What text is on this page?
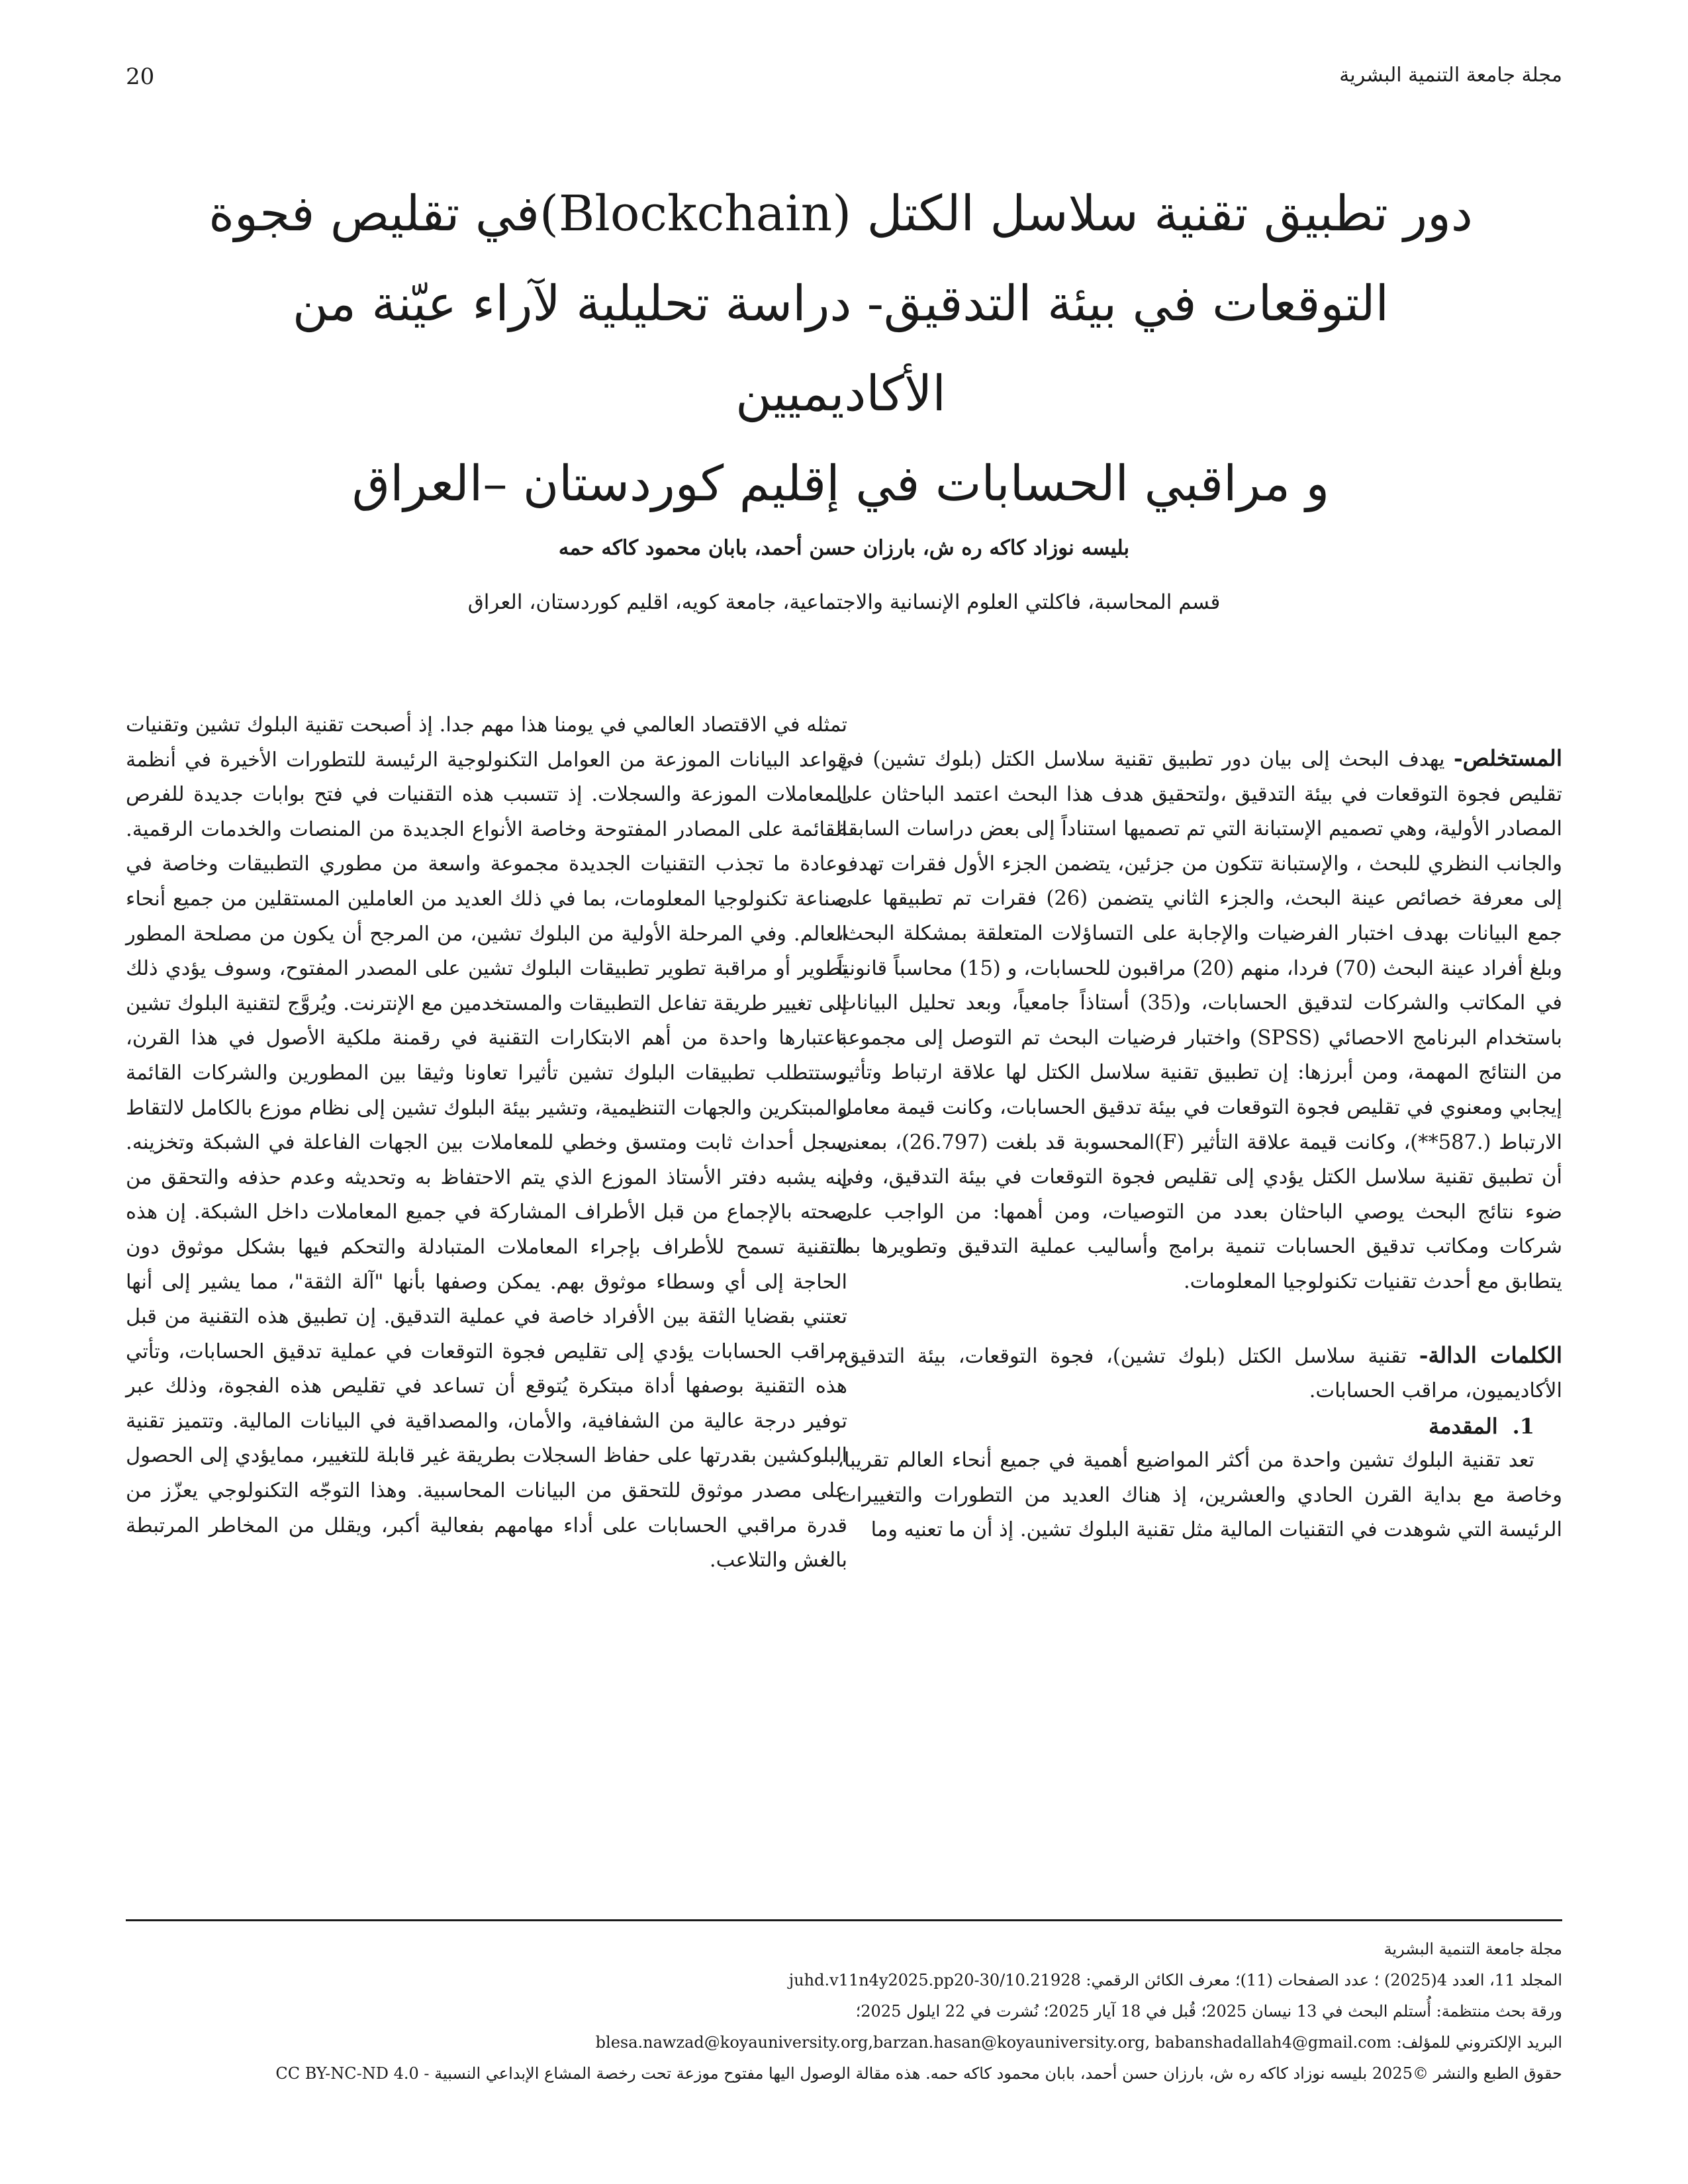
مجلة جامعة التنمية البشرية
20
دور تطبيق تقنية سلاسل الكتل (Blockchain)في تقليص فجوة
التوقعات في بيئة التدقيق- دراسة تحليلية لآراء عيّنة من الأكاديميين
و مراقبي الحسابات في إقليم كوردستان –العراق
بليسه نوزاد كاكه ره ش، بارزان حسن أحمد، بابان محمود كاكه حمه
قسم المحاسبة، فاكلتي العلوم الإنسانية والاجتماعية، جامعة كويه، اقليم كوردستان، العراق

المستخلص- يهدف البحث إلى بيان دور تطبيق تقنية سلاسل الكتل (بلوك تشين) في تقليص فجوة التوقعات في بيئة التدقيق ،ولتحقيق هدف هذا البحث اعتمد الباحثان على المصادر الأولية، وهي تصميم الإستبانة التي تم تصميها استناداً إلى بعض دراسات السابقة والجانب النظري للبحث ، والإستبانة تتكون من جزئين، يتضمن الجزء الأول فقرات تهدف إلى معرفة خصائص عينة البحث، والجزء الثاني يتضمن (26) فقرات تم تطبيقها على جمع البيانات بهدف اختبار الفرضيات والإجابة على التساؤلات المتعلقة بمشكلة البحث، وبلغ أفراد عينة البحث (70) فردا، منهم (20) مراقبون للحسابات، و (15) محاسباً قانونياً في المكاتب والشركات لتدقيق الحسابات، و(35) أستاذاً جامعياً، وبعد تحليل البيانات باستخدام البرنامج الاحصائي (SPSS) واختبار فرضيات البحث تم التوصل إلى مجموعة من النتائج المهمة، ومن أبرزها: إن تطبيق تقنية سلاسل الكتل لها علاقة ارتباط وتأثير إيجابي ومعنوي في تقليص فجوة التوقعات في بيئة تدقيق الحسابات، وكانت قيمة معامل الارتباط (.587**)، وكانت قيمة علاقة التأثير (F)المحسوبة قد بلغت (26.797)، بمعنى أن تطبيق تقنية سلاسل الكتل يؤدي إلى تقليص فجوة التوقعات في بيئة التدقيق، وفي ضوء نتائج البحث يوصي الباحثان بعدد من التوصيات، ومن أهمها: من الواجب على شركات ومكاتب تدقيق الحسابات تنمية برامج وأساليب عملية التدقيق وتطويرها بما يتطابق مع أحدث تقنيات تكنولوجيا المعلومات.

الكلمات الدالة- تقنية سلاسل الكتل (بلوك تشين)، فجوة التوقعات، بيئة التدقيق، الأكاديميون، مراقب الحسابات.

1.المقدمة

تعد تقنية البلوك تشين واحدة من أكثر المواضيع أهمية في جميع أنحاء العالم تقريبا، وخاصة مع بداية القرن الحادي والعشرين، إذ هناك العديد من التطورات والتغييرات الرئيسة التي شوهدت في التقنيات المالية مثل تقنية البلوك تشين. إذ أن ما تعنيه وما

تمثله في الاقتصاد العالمي في يومنا هذا مهم جدا. إذ أصبحت تقنية البلوك تشين وتقنيات قواعد البيانات الموزعة من العوامل التكنولوجية الرئيسة للتطورات الأخيرة في أنظمة المعاملات الموزعة والسجلات. إذ تتسبب هذه التقنيات في فتح بوابات جديدة للفرص القائمة على المصادر المفتوحة وخاصة الأنواع الجديدة من المنصات والخدمات الرقمية. وعادة ما تجذب التقنيات الجديدة مجموعة واسعة من مطوري التطبيقات وخاصة في صناعة تكنولوجيا المعلومات، بما في ذلك العديد من العاملين المستقلين من جميع أنحاء العالم. وفي المرحلة الأولية من البلوك تشين، من المرجح أن يكون من مصلحة المطور تطوير أو مراقبة تطوير تطبيقات البلوك تشين على المصدر المفتوح، وسوف يؤدي ذلك إلى تغيير طريقة تفاعل التطبيقات والمستخدمين مع الإنترنت. ويُروَّج لتقنية البلوك تشين باعتبارها واحدة من أهم الابتكارات التقنية في رقمنة ملكية الأصول في هذا القرن، وستتطلب تطبيقات البلوك تشين تأثيرا تعاونا وثيقا بين المطورين والشركات القائمة والمبتكرين والجهات التنظيمية، وتشير بيئة البلوك تشين إلى نظام موزع بالكامل لالتقاط سجل أحداث ثابت ومتسق وخطي للمعاملات بين الجهات الفاعلة في الشبكة وتخزينه. إنه يشبه دفتر الأستاذ الموزع الذي يتم الاحتفاظ به وتحديثه وعدم حذفه والتحقق من صحته بالإجماع من قبل الأطراف المشاركة في جميع المعاملات داخل الشبكة. إن هذه التقنية تسمح للأطراف بإجراء المعاملات المتبادلة والتحكم فيها بشكل موثوق دون الحاجة إلى أي وسطاء موثوق بهم. يمكن وصفها بأنها "آلة الثقة"، مما يشير إلى أنها تعتني بقضايا الثقة بين الأفراد خاصة في عملية التدقيق. إن تطبيق هذه التقنية من قبل مراقب الحسابات يؤدي إلى تقليص فجوة التوقعات في عملية تدقيق الحسابات، وتأتي هذه التقنية بوصفها أداة مبتكرة يُتوقع أن تساعد في تقليص هذه الفجوة، وذلك عبر توفير درجة عالية من الشفافية، والأمان، والمصداقية في البيانات المالية. وتتميز تقنية البلوكشين بقدرتها على حفاظ السجلات بطريقة غير قابلة للتغيير، ممايؤدي إلى الحصول على مصدر موثوق للتحقق من البيانات المحاسبية. وهذا التوجّه التكنولوجي يعزّز من قدرة مراقبي الحسابات على أداء مهامهم بفعالية أكبر، ويقلل من المخاطر المرتبطة بالغش والتلاعب.

مجلة جامعة التنمية البشرية
المجلد 11، العدد 4(2025) ؛ عدد الصفحات (11)؛ معرف الكائن الرقمي: 10.21928/juhd.v11n4y2025.pp20-30
ورقة بحث منتظمة: أُستلم البحث في 13 نيسان 2025؛ قُبل في 18 آيار 2025؛ نُشرت في 22 ايلول 2025؛
البريد الإلكتروني للمؤلف: blesa.nawzad@koyauniversity.org,barzan.hasan@koyauniversity.org, babanshadallah4@gmail.com
حقوق الطبع والنشر ©2025 بليسه نوزاد كاكه ره ش، بارزان حسن أحمد، بابان محمود كاكه حمه. هذه مقالة الوصول اليها مفتوح موزعة تحت رخصة المشاع الإبداعي النسبية - CC BY-NC-ND 4.0
